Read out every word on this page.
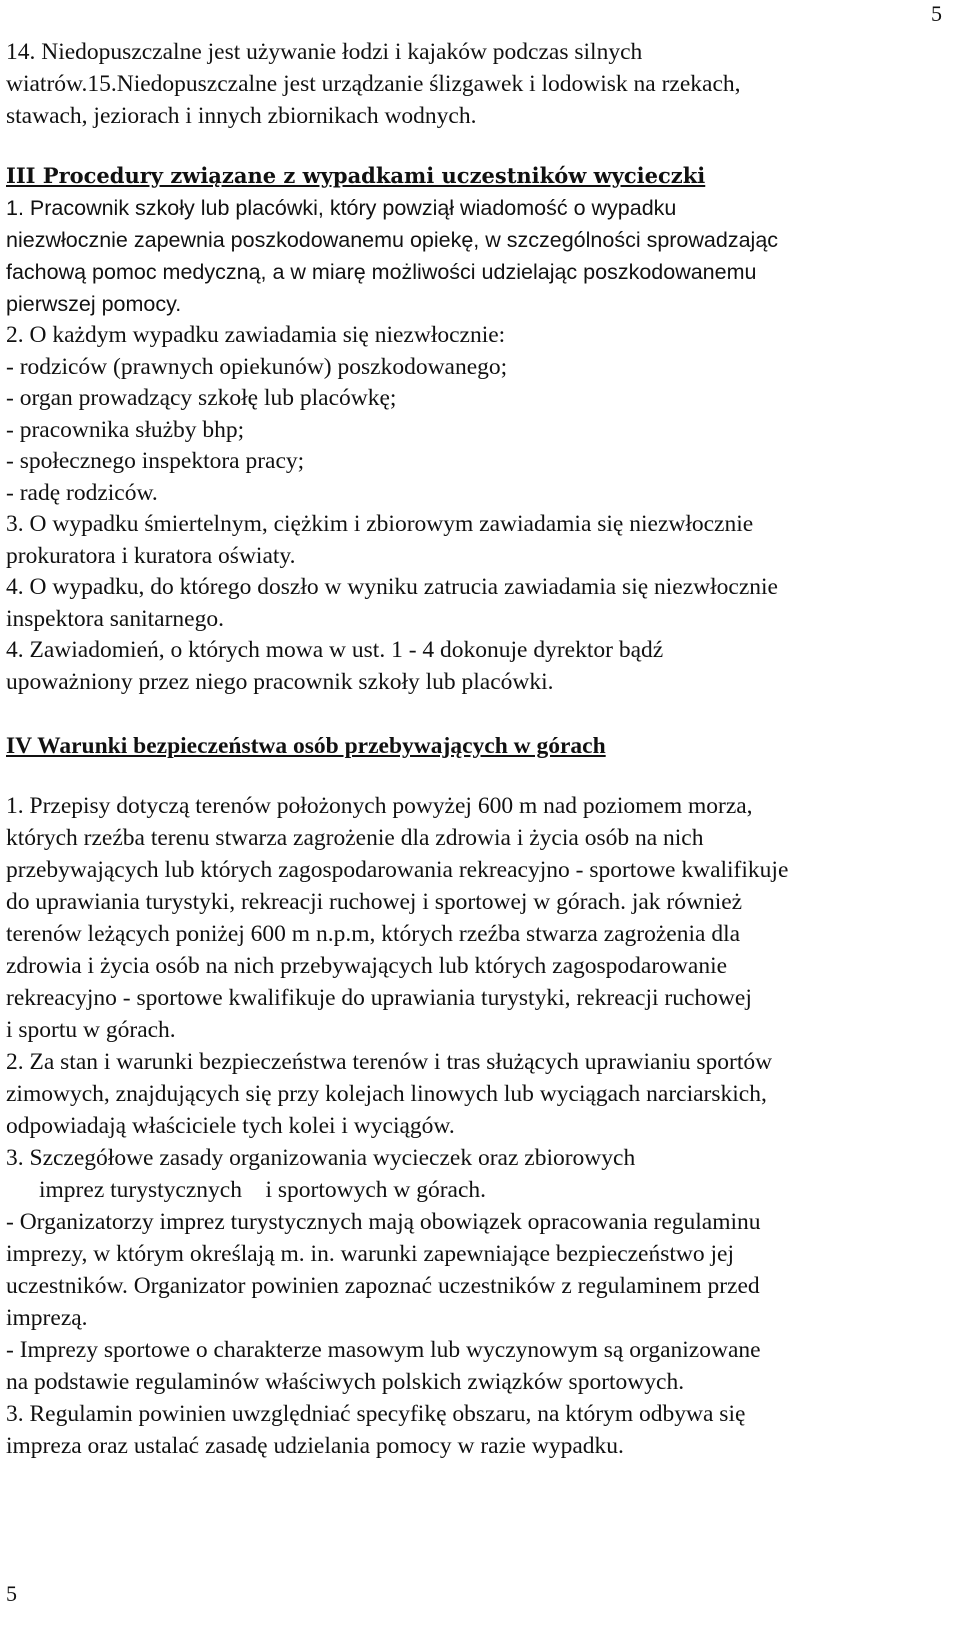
5
14. Niedopuszczalne jest używanie łodzi i kajaków podczas silnych
wiatrów.15.Niedopuszczalne jest urządzanie ślizgawek i lodowisk na rzekach,
stawach, jeziorach i innych zbiornikach wodnych.
III Procedury związane z wypadkami uczestników wycieczki
1. Pracownik szkoły lub placówki, który powziął wiadomość o wypadku
niezwłocznie zapewnia poszkodowanemu opiekę, w szczególności sprowadzając
fachową pomoc medyczną, a w miarę możliwości udzielając poszkodowanemu
pierwszej pomocy.
2. O każdym wypadku zawiadamia się niezwłocznie:
- rodziców (prawnych opiekunów) poszkodowanego;
- organ prowadzący szkołę lub placówkę;
- pracownika służby bhp;
- społecznego inspektora pracy;
- radę rodziców.
3. O wypadku śmiertelnym, ciężkim i zbiorowym zawiadamia się niezwłocznie
prokuratora i kuratora oświaty.
4. O wypadku, do którego doszło w wyniku zatrucia zawiadamia się niezwłocznie
inspektora sanitarnego.
4. Zawiadomień, o których mowa w ust. 1 - 4 dokonuje dyrektor bądź
upoważniony przez niego pracownik szkoły lub placówki.
IV Warunki bezpieczeństwa osób przebywających w górach
1. Przepisy dotyczą terenów położonych powyżej 600 m nad poziomem morza,
których rzeźba terenu stwarza zagrożenie dla zdrowia i życia osób na nich
przebywających lub których zagospodarowania rekreacyjno - sportowe kwalifikuje
do uprawiania turystyki, rekreacji ruchowej i sportowej w górach. jak również
terenów leżących poniżej 600 m n.p.m, których rzeźba stwarza zagrożenia dla
zdrowia i życia osób na nich przebywających lub których zagospodarowanie
rekreacyjno - sportowe kwalifikuje do uprawiania turystyki, rekreacji ruchowej
i sportu w górach.
2. Za stan i warunki bezpieczeństwa terenów i tras służących uprawianiu sportów
zimowych, znajdujących się przy kolejach linowych lub wyciągach narciarskich,
odpowiadają właściciele tych kolei i wyciągów.
3. Szczegółowe zasady organizowania wycieczek oraz zbiorowych
imprez turystycznych    i sportowych w górach.
- Organizatorzy imprez turystycznych mają obowiązek opracowania regulaminu
imprezy, w którym określają m. in. warunki zapewniające bezpieczeństwo jej
uczestników. Organizator powinien zapoznać uczestników z regulaminem przed
imprezą.
- Imprezy sportowe o charakterze masowym lub wyczynowym są organizowane
na podstawie regulaminów właściwych polskich związków sportowych.
3. Regulamin powinien uwzględniać specyfikę obszaru, na którym odbywa się
impreza oraz ustalać zasadę udzielania pomocy w razie wypadku.
5
